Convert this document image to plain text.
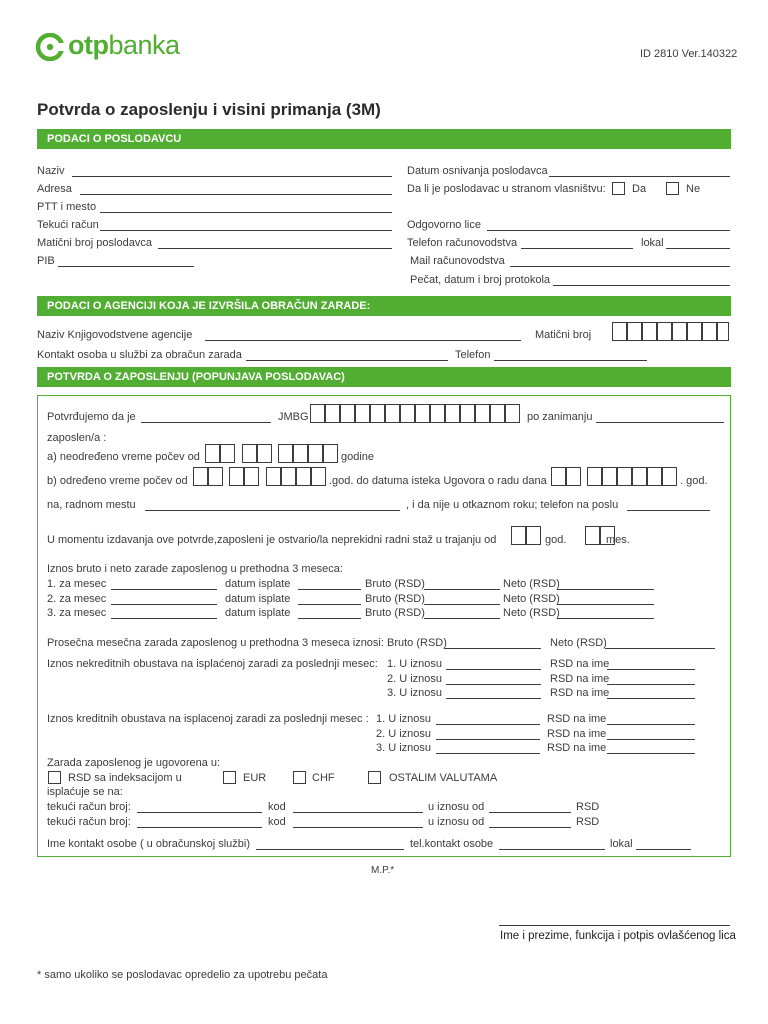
otpbanka	ID 2810 Ver.140322
Potvrda o zaposlenju i visini primanja (3M)
PODACI O POSLODAVCU
Naziv
Adresa
PTT i mesto
Tekući račun
Matični broj poslodavca
PIB
Datum osnivanja poslodavca
Da li je poslodavac u stranom vlasništvu: Da	Ne
Odgovorno lice
Telefon računovodstva	lokal
Mail računovodstva
Pečat, datum i broj protokola
PODACI O AGENCIJI KOJA JE IZVRŠILA OBRAČUN ZARADE:
Naziv Knjigovodstvene agencije	Matični broj
Kontakt osoba u službi za obračun zarada	Telefon
POTVRDA O ZAPOSLENJU (POPUNJAVA POSLODAVAC)
Potvrđujemo da je	JMBG	po zanimanju
zaposlen/a :
a) neodređeno vreme počev od	godine
b) određeno vreme počev od	.god. do datuma isteka Ugovora o radu dana	. god.
na, radnom mestu	, i da nije u otkaznom roku; telefon na poslu
U momentu izdavanja ove potvrde,zaposleni je ostvario/la neprekidni radni staž u trajanju od	god.	mes.
Iznos bruto i neto zarade zaposlenog u prethodna 3 meseca:
1. za mesec	datum isplate	Bruto (RSD)	Neto (RSD)
2. za mesec	datum isplate	Bruto (RSD)	Neto (RSD)
3. za mesec	datum isplate	Bruto (RSD)	Neto (RSD)
Prosečna mesečna zarada zaposlenog u prethodna 3 meseca iznosi: Bruto (RSD)	Neto (RSD)
Iznos nekreditnih obustava na isplaćenoj zaradi za poslednji mesec: 1. U iznosu	RSD na ime
2. U iznosu	RSD na ime
3. U iznosu	RSD na ime
Iznos kreditnih obustava na isplacenoj zaradi za poslednji mesec : 1. U iznosu	RSD na ime
2. U iznosu	RSD na ime
3. U iznosu	RSD na ime
Zarada zaposlenog je ugovorena u:
RSD sa indeksacijom u	EUR	CHF	OSTALIM VALUTAMA
isplaćuje se na:
tekući račun broj:	kod	u iznosu od	RSD
tekući račun broj:	kod	u iznosu od	RSD
Ime kontakt osobe ( u obračunskoj službi)	tel.kontakt osobe	lokal
M.P.*
Ime i prezime, funkcija i potpis ovlašćenog lica
* samo ukoliko se poslodavac opredelio za upotrebu pečata
